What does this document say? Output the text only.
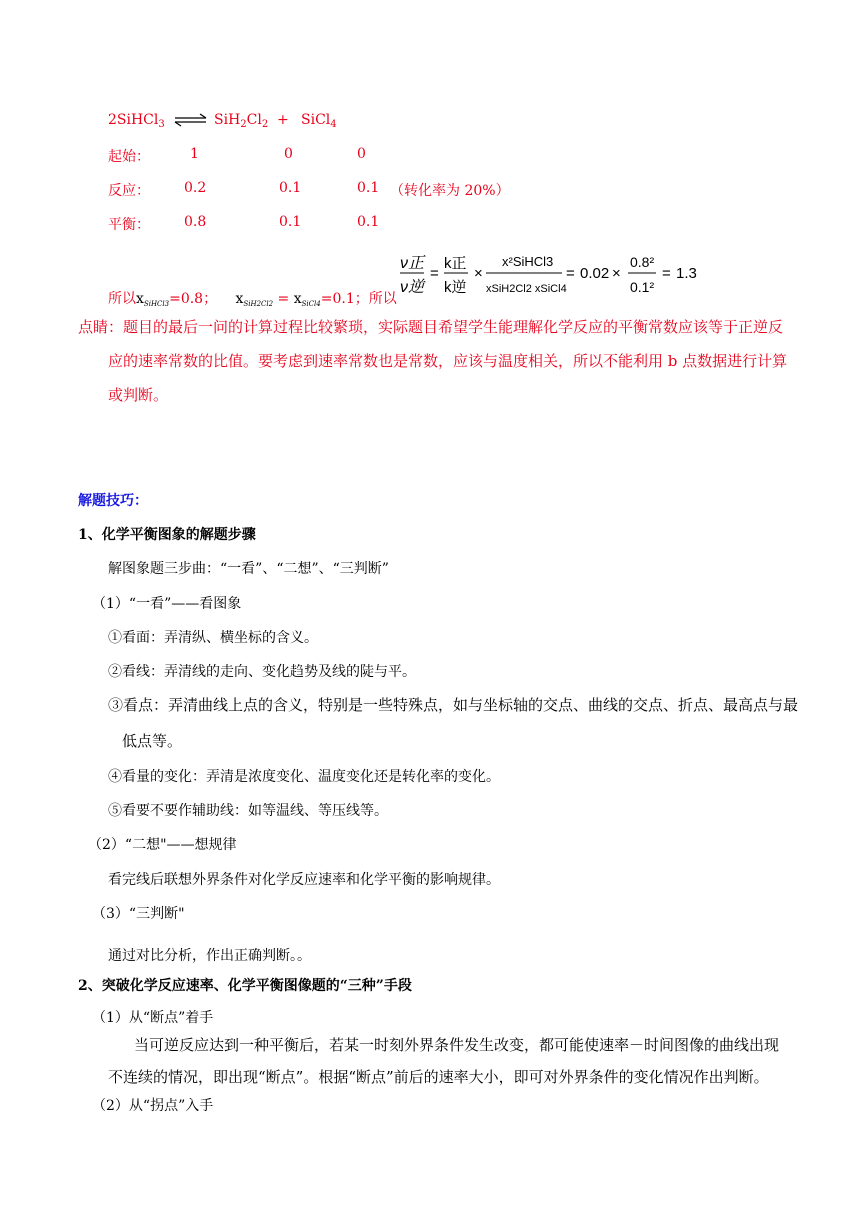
2SiHCl$_3$ ⇌ $SiH_2Cl_2$ + SiCl$_4$
起始：	1	0	0
反应： 0.2	0.1	0.1 （转化率为 20%）
平衡： 0.8	0.1	0.1
所以$x_{SiHCl3}=0.8$； $x_{SiH2Cl2} = x_{SiCl4}=0.1$；所以
ν正
ν逆
=
k正
k逆
×
x²SiHCl3
xSiH2Cl2 xSiCl4
= 0.02 ×
0.8²
0.1²
= 1.3
点睛：题目的最后一问的计算过程比较繁琐，实际题目希望学生能理解化学反应的平衡常数应该等于正逆反应的速率常数的比值。要考虑到速率常数也是常数，应该与温度相关，所以不能利用 b 点数据进行计算或判断。
解题技巧：
1、化学平衡图象的解题步骤
解图象题三步曲：“一看”、“二想”、“三判断”
（1）“一看”——看图象
①看面：弄清纵、横坐标的含义。
②看线：弄清线的走向、变化趋势及线的陡与平。
③看点：弄清曲线上点的含义，特别是一些特殊点，如与坐标轴的交点、曲线的交点、折点、最高点与最低点等。
④看量的变化：弄清是浓度变化、温度变化还是转化率的变化。
⑤看要不要作辅助线：如等温线、等压线等。
（2）“二想"——想规律
看完线后联想外界条件对化学反应速率和化学平衡的影响规律。
（3）“三判断"
通过对比分析，作出正确判断。。
2、突破化学反应速率、化学平衡图像题的“三种”手段
（1）从“断点”着手
当可逆反应达到一种平衡后，若某一时刻外界条件发生改变，都可能使速率－时间图像的曲线出现不连续的情况，即出现“断点”。根据“断点”前后的速率大小，即可对外界条件的变化情况作出判断。
（2）从“拐点”入手
